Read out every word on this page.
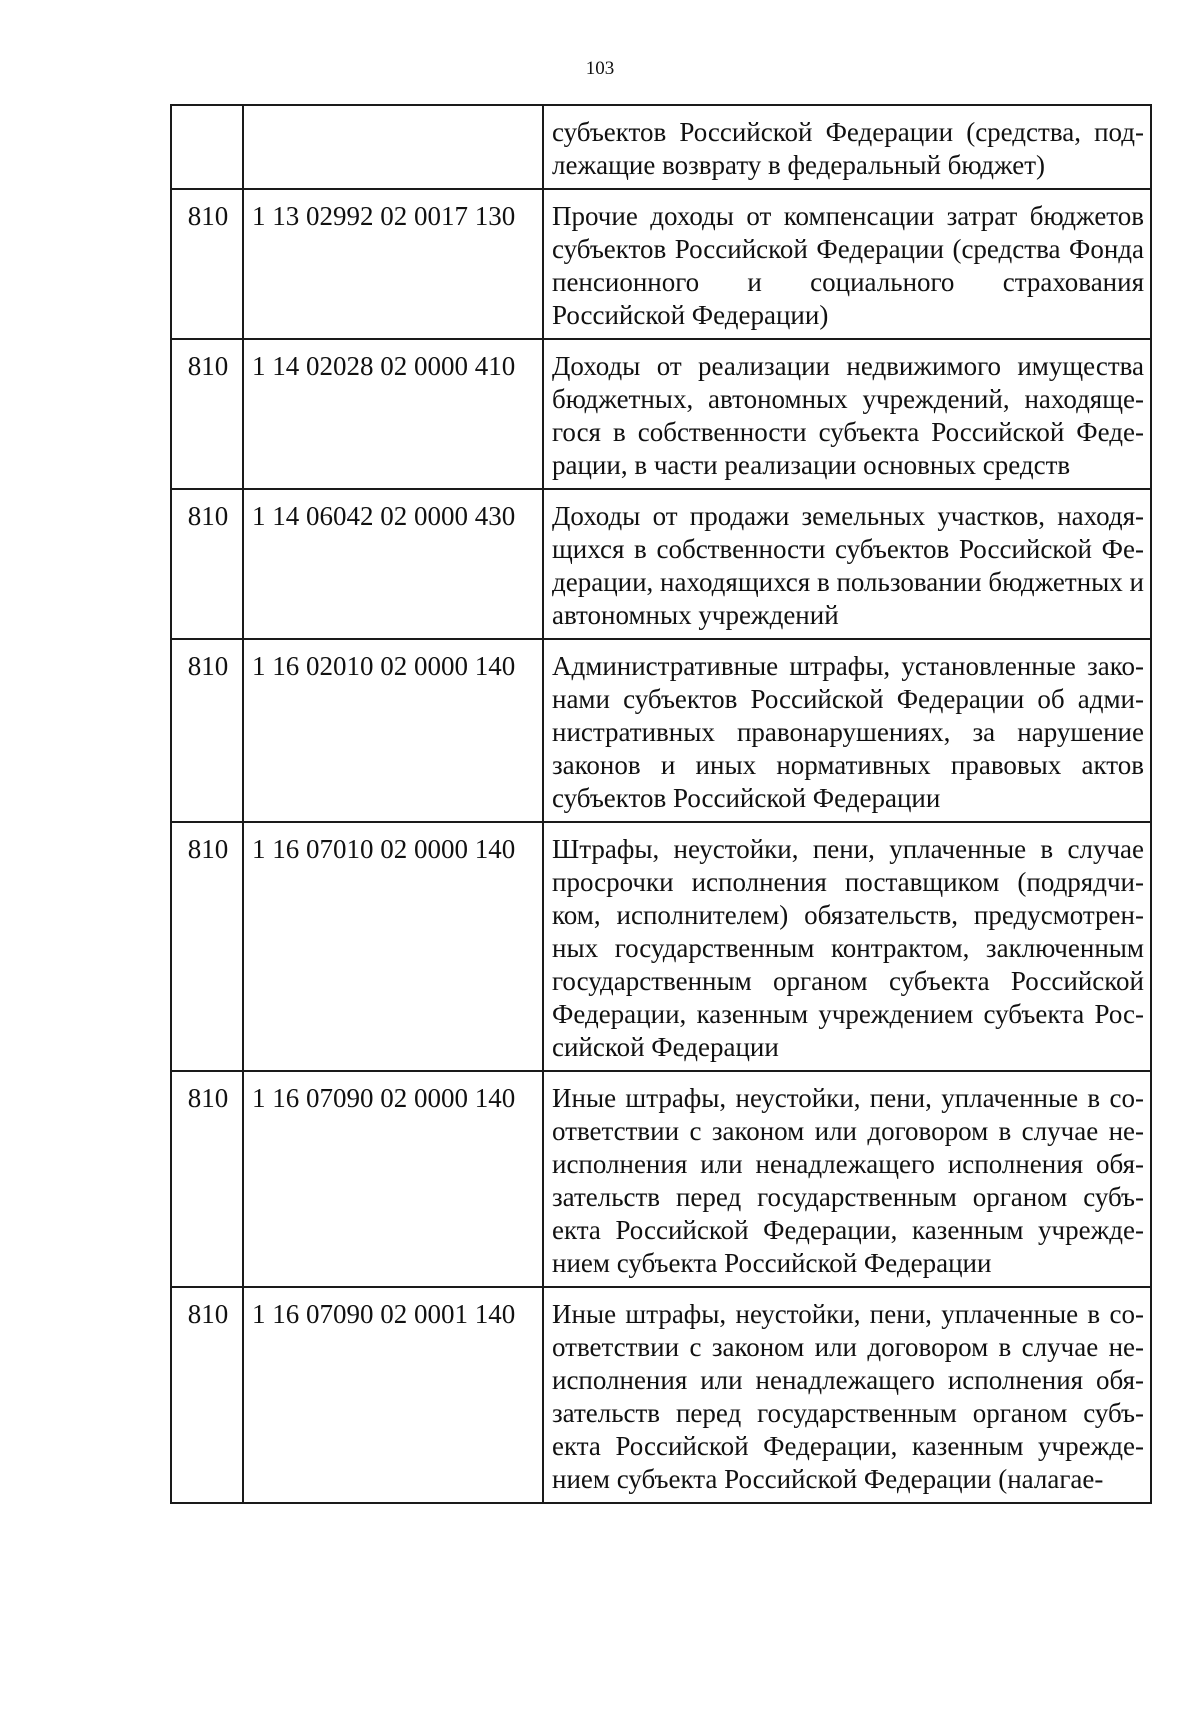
103
		субъектов Российской Федерации (средства, подлежащие возврату в федеральный бюджет)
810	1 13 02992 02 0017 130	Прочие доходы от компенсации затрат бюджетов субъектов Российской Федерации (средства Фонда пенсионного и социального страхования Российской Федерации)
810	1 14 02028 02 0000 410	Доходы от реализации недвижимого имущества бюджетных, автономных учреждений, находящегося в собственности субъекта Российской Федерации, в части реализации основных средств
810	1 14 06042 02 0000 430	Доходы от продажи земельных участков, находящихся в собственности субъектов Российской Федерации, находящихся в пользовании бюджетных и автономных учреждений
810	1 16 02010 02 0000 140	Административные штрафы, установленные законами субъектов Российской Федерации об административных правонарушениях, за нарушение законов и иных нормативных правовых актов субъектов Российской Федерации
810	1 16 07010 02 0000 140	Штрафы, неустойки, пени, уплаченные в случае просрочки исполнения поставщиком (подрядчиком, исполнителем) обязательств, предусмотренных государственным контрактом, заключенным государственным органом субъекта Российской Федерации, казенным учреждением субъекта Российской Федерации
810	1 16 07090 02 0000 140	Иные штрафы, неустойки, пени, уплаченные в соответствии с законом или договором в случае неисполнения или ненадлежащего исполнения обязательств перед государственным органом субъекта Российской Федерации, казенным учреждением субъекта Российской Федерации
810	1 16 07090 02 0001 140	Иные штрафы, неустойки, пени, уплаченные в соответствии с законом или договором в случае неисполнения или ненадлежащего исполнения обязательств перед государственным органом субъекта Российской Федерации, казенным учреждением субъекта Российской Федерации (налагае-
